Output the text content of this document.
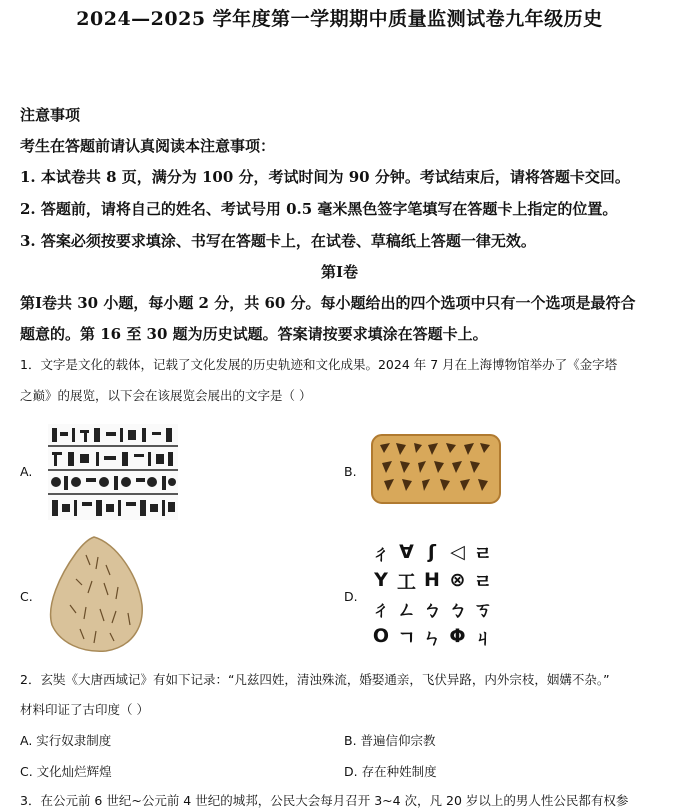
2024—2025 学年度第一学期期中质量监测试卷九年级历史
注意事项
考生在答题前请认真阅读本注意事项：
1. 本试卷共 8 页，满分为 100 分，考试时间为 90 分钟。考试结束后，请将答题卡交回。
2. 答题前，请将自己的姓名、考试号用 0.5 毫米黑色签字笔填写在答题卡上指定的位置。
3. 答案必须按要求填涂、书写在答题卡上，在试卷、草稿纸上答题一律无效。
第Ⅰ卷
第Ⅰ卷共 30 小题，每小题 2 分，共 60 分。每小题给出的四个选项中只有一个选项是最符合
题意的。第 16 至 30 题为历史试题。答案请按要求填涂在答题卡上。
1．文字是文化的载体，记载了文化发展的历史轨迹和文化成果。2024 年 7 月在上海博物馆举办了《金字塔
之巅》的展览，以下会在该展览会展出的文字是（ ）
A.	B.
C.	D.
ㄔ Ɐ ʃ ◁ ㄹ
Y 工 H ⊗ ㄹ
ㄔ ㄥ ㄅ ㄅ ㄎ
O ㄱ ㄣ Φ ㄐ
2．玄奘《大唐西域记》有如下记录：“凡兹四姓，清浊殊流，婚娶通亲，飞伏异路，内外宗枝，姻媾不杂。”
材料印证了古印度（ ）
A. 实行奴隶制度	B. 普遍信仰宗教
C. 文化灿烂辉煌	D. 存在种姓制度
3．在公元前 6 世纪~公元前 4 世纪的城邦，公民大会每月召开 3~4 次，凡 20 岁以上的男人性公民都有权参
